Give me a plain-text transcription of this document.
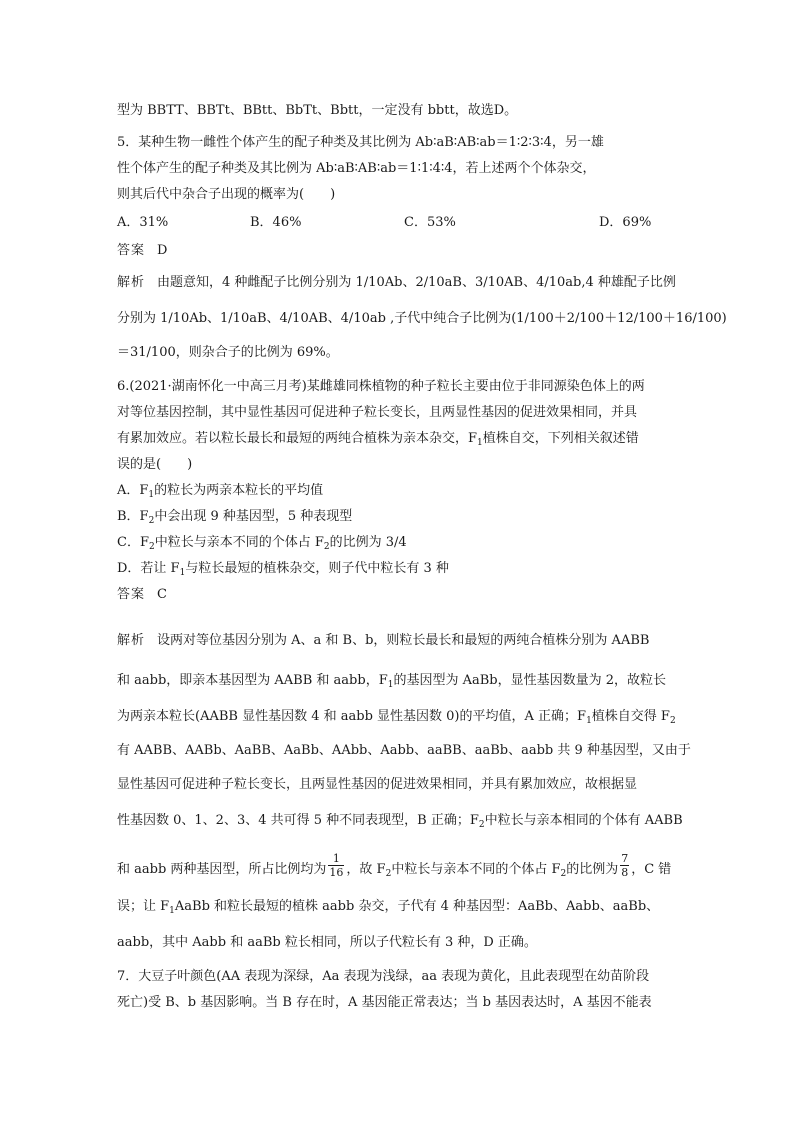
型为 BBTT、BBTt、BBtt、BbTt、Bbtt，一定没有 bbtt，故选D。
5．某种生物一雌性个体产生的配子种类及其比例为 Ab∶aB∶AB∶ab＝1∶2∶3∶4，另一雄
性个体产生的配子种类及其比例为 Ab∶aB∶AB∶ab＝1∶1∶4∶4，若上述两个个体杂交，
则其后代中杂合子出现的概率为(　　)
A．31%	B．46%	C．53%	D．69%
答案 D
解析 由题意知，4 种雌配子比例分别为 1/10Ab、2/10aB、3/10AB、4/10ab,4 种雄配子比例
分别为 1/10Ab、1/10aB、4/10AB、4/10ab ,子代中纯合子比例为(1/100＋2/100＋12/100＋16/100)
＝31/100，则杂合子的比例为 69%。
6.(2021·湖南怀化一中高三月考)某雌雄同株植物的种子粒长主要由位于非同源染色体上的两
对等位基因控制，其中显性基因可促进种子粒长变长，且两显性基因的促进效果相同，并具
有累加效应。若以粒长最长和最短的两纯合植株为亲本杂交，$F_1$植株自交，下列相关叙述错
误的是(　　)
A．$F_1$的粒长为两亲本粒长的平均值
B．$F_2$中会出现 9 种基因型，5 种表现型
C．$F_2$中粒长与亲本不同的个体占 $F_2$的比例为 3/4
D．若让 $F_1$与粒长最短的植株杂交，则子代中粒长有 3 种
答案 C
解析 设两对等位基因分别为 A、a 和 B、b，则粒长最长和最短的两纯合植株分别为 AABB
和 aabb，即亲本基因型为 AABB 和 aabb，$F_1$的基因型为 AaBb，显性基因数量为 2，故粒长
为两亲本粒长(AABB 显性基因数 4 和 aabb 显性基因数 0)的平均值，A 正确；$F_1$植株自交得 $F_2$
有 AABB、AABb、AaBB、AaBb、AAbb、Aabb、aaBB、aaBb、aabb 共 9 种基因型，又由于
显性基因可促进种子粒长变长，且两显性基因的促进效果相同，并具有累加效应，故根据显
性基因数 0、1、2、3、4 共可得 5 种不同表现型，B 正确；$F_2$中粒长与亲本相同的个体有 AABB
和 aabb 两种基因型，所占比例均为 $\frac{1}{16}$ ，故 $F_2$中粒长与亲本不同的个体占 $F_2$的比例为 $\frac{7}{8}$ ，C 错
误；让 $F_1AaBb$ 和粒长最短的植株 aabb 杂交，子代有 4 种基因型：AaBb、Aabb、aaBb、
aabb，其中 Aabb 和 aaBb 粒长相同，所以子代粒长有 3 种，D 正确。
7．大豆子叶颜色(AA 表现为深绿，Aa 表现为浅绿，aa 表现为黄化，且此表现型在幼苗阶段
死亡)受 B、b 基因影响。当 B 存在时，A 基因能正常表达；当 b 基因表达时，A 基因不能表
